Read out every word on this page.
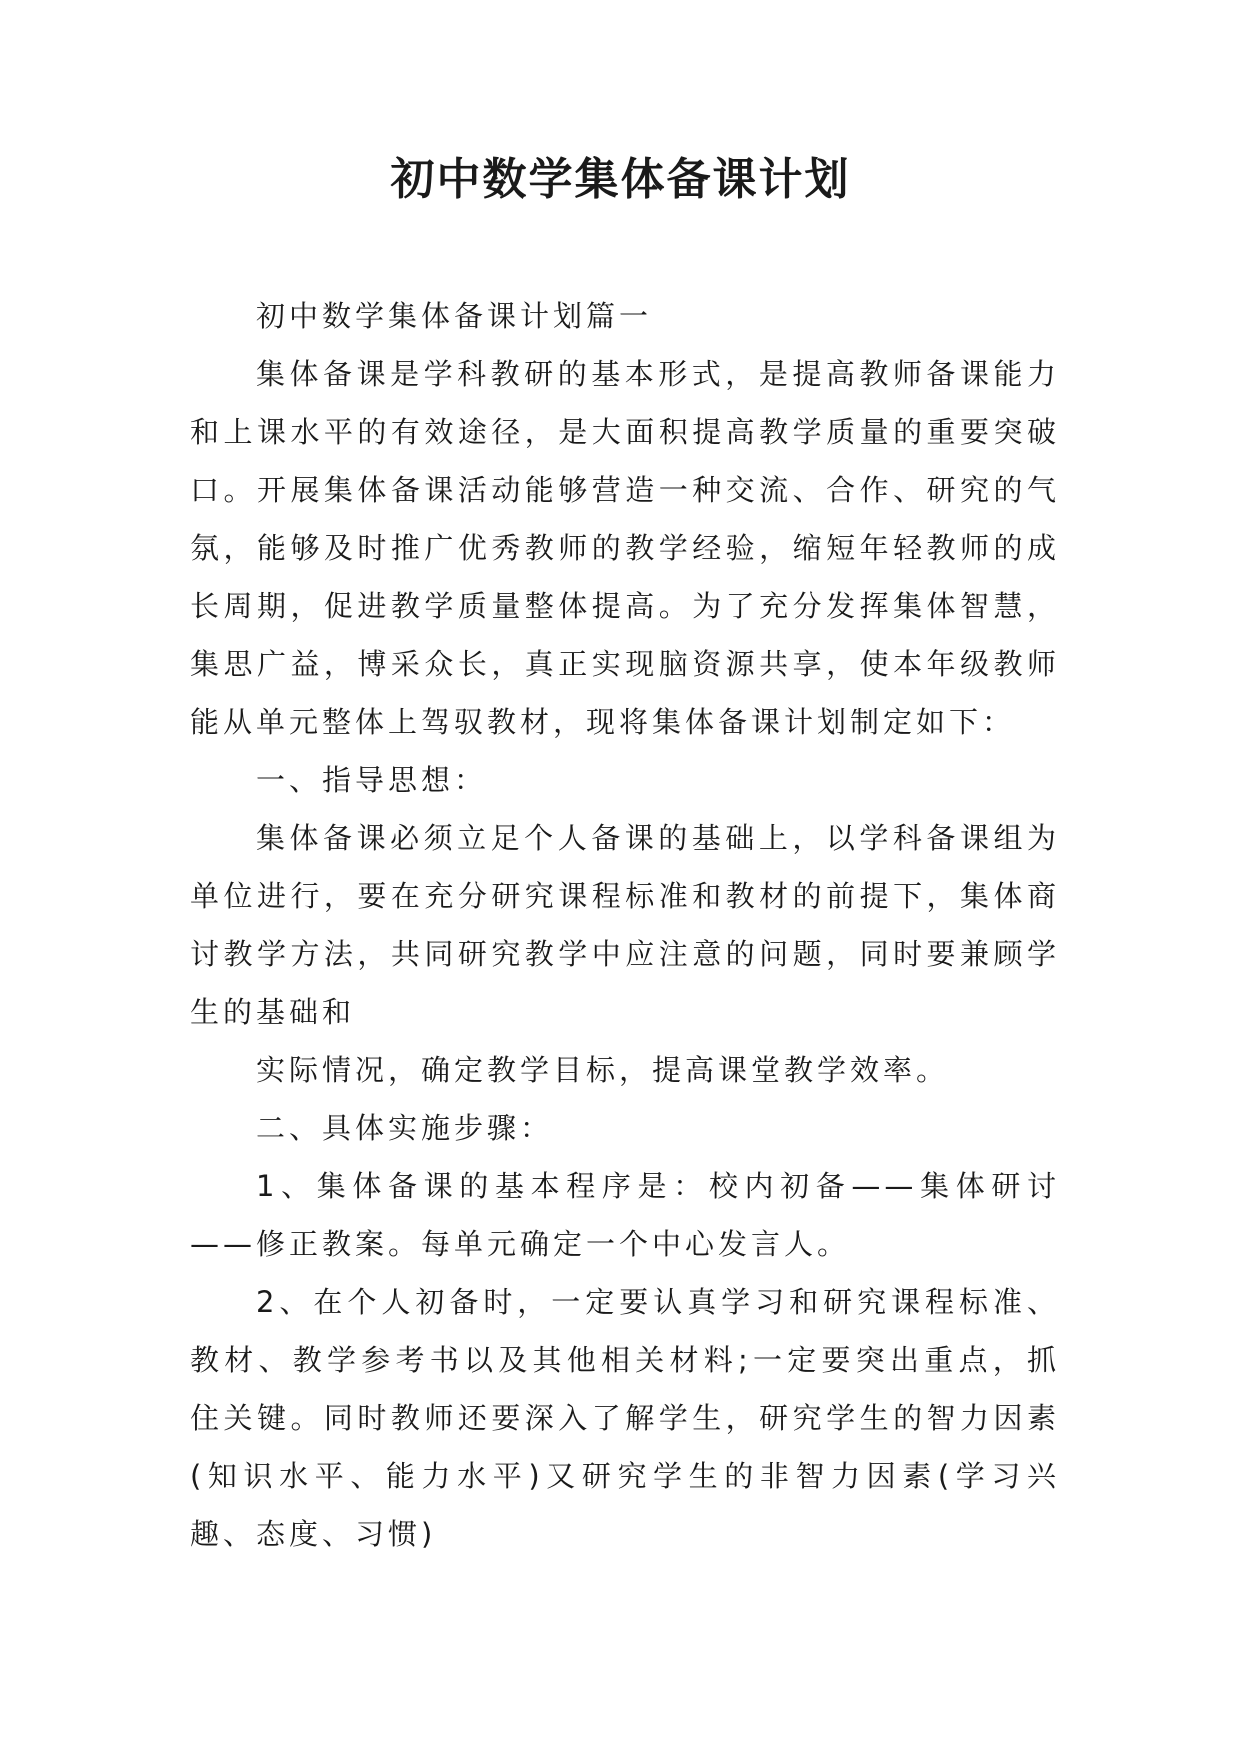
初中数学集体备课计划

初中数学集体备课计划篇一

集体备课是学科教研的基本形式，是提高教师备课能力和上课水平的有效途径，是大面积提高教学质量的重要突破口。开展集体备课活动能够营造一种交流、合作、研究的气氛，能够及时推广优秀教师的教学经验，缩短年轻教师的成长周期，促进教学质量整体提高。为了充分发挥集体智慧，集思广益，博采众长，真正实现脑资源共享，使本年级教师能从单元整体上驾驭教材，现将集体备课计划制定如下：

一、指导思想：

集体备课必须立足个人备课的基础上，以学科备课组为单位进行，要在充分研究课程标准和教材的前提下，集体商讨教学方法，共同研究教学中应注意的问题，同时要兼顾学生的基础和

实际情况，确定教学目标，提高课堂教学效率。

二、具体实施步骤：

1、集体备课的基本程序是：校内初备——集体研讨——修正教案。每单元确定一个中心发言人。

2、在个人初备时，一定要认真学习和研究课程标准、教材、教学参考书以及其他相关材料;一定要突出重点，抓住关键。同时教师还要深入了解学生，研究学生的智力因素(知识水平、能力水平)又研究学生的非智力因素(学习兴趣、态度、习惯)
